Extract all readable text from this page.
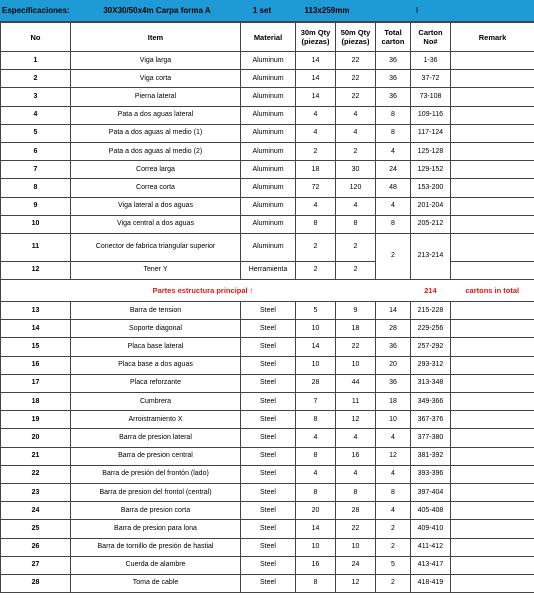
Especificaciones:	30X30/50x4m Carpa forma A	1 set	113x259mm	I
No	Item	Material	30m Qty (piezas)	50m Qty (piezas)	Total carton	Carton No#	Remark
1	Viga larga	Aluminum	14	22	36	1-36	
2	Viga corta	Aluminum	14	22	36	37-72	
3	Pierna lateral	Aluminum	14	22	36	73-108	
4	Pata a dos aguas lateral	Aluminum	4	4	8	109-116	
5	Pata a dos aguas al medio (1)	Aluminum	4	4	8	117-124	
6	Pata a dos aguas al medio (2)	Aluminum	2	2	4	125-128	
7	Correa larga	Aluminum	18	30	24	129-152	
8	Correa corta	Aluminum	72	120	48	153-200	
9	Viga lateral a dos aguas	Aluminum	4	4	4	201-204	
10	Viga central a dos aguas	Aluminum	8	8	8	205-212	
11	Conector de fabrica triangular superior	Aluminum	2	2	2	213-214	
12	Tener Y	Herramienta	2	2			
	Partes estructura principal ↑					214	cartons in total
13	Barra de tension	Steel	5	9	14	215-228	
14	Soporte diagonal	Steel	10	18	28	229-256	
15	Placa base lateral	Steel	14	22	36	257-292	
16	Placa base a dos aguas	Steel	10	10	20	293-312	
17	Placa reforzante	Steel	28	44	36	313-348	
18	Cumbrera	Steel	7	11	18	349-366	
19	Arroistramiento X	Steel	8	12	10	367-376	
20	Barra de presion lateral	Steel	4	4	4	377-380	
21	Barra de presion central	Steel	8	16	12	381-392	
22	Barra de presión del frontón (lado)	Steel	4	4	4	393-396	
23	Barra de presion del frontol (central)	Steel	8	8	8	397-404	
24	Barra de presion corta	Steel	20	28	4	405-408	
25	Barra de presion para lona	Steel	14	22	2	409-410	
26	Barra de tornillo de presión de hastial	Steel	10	10	2	411-412	
27	Cuerda de alambre	Steel	16	24	5	413-417	
28	Toma de cable	Steel	8	12	2	418-419	
